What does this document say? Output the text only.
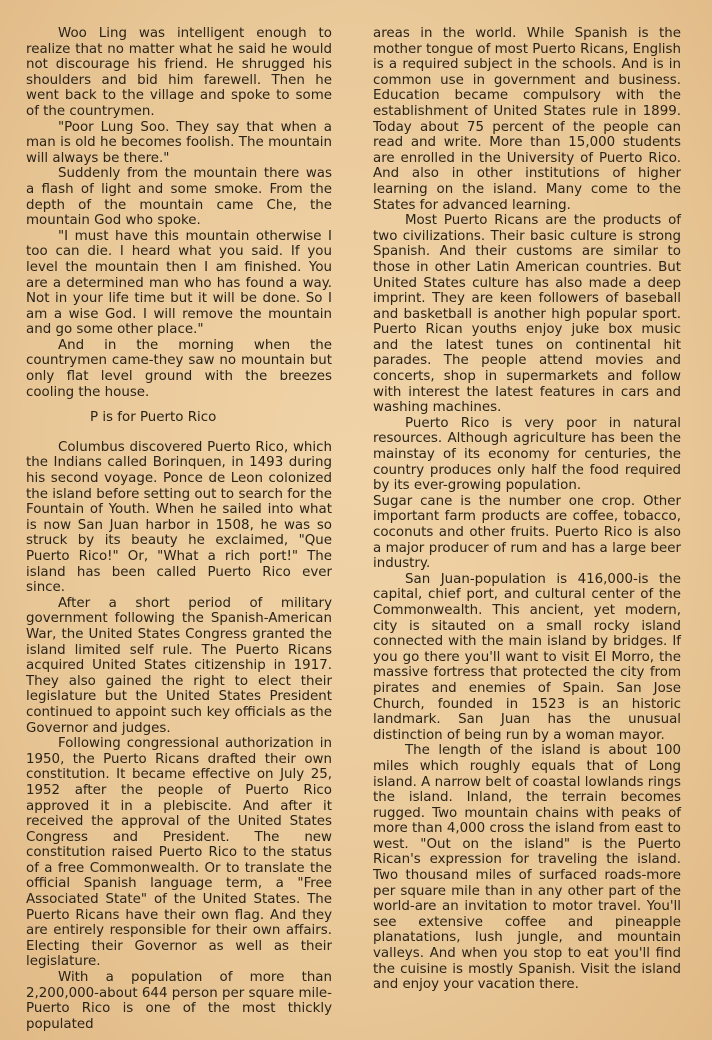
Woo Ling was intelligent enough to realize that no matter what he said he would not discourage his friend. He shrugged his shoulders and bid him farewell. Then he went back to the village and spoke to some of the countrymen.

"Poor Lung Soo. They say that when a man is old he becomes foolish. The mountain will always be there."

Suddenly from the mountain there was a flash of light and some smoke. From the depth of the mountain came Che, the mountain God who spoke.

"I must have this mountain otherwise I too can die. I heard what you said. If you level the mountain then I am finished. You are a determined man who has found a way. Not in your life time but it will be done. So I am a wise God. I will remove the mountain and go some other place."

And in the morning when the countrymen came-they saw no mountain but only flat level ground with the breezes cooling the house.

P is for Puerto Rico

Columbus discovered Puerto Rico, which the Indians called Borinquen, in 1493 during his second voyage. Ponce de Leon colonized the island before setting out to search for the Fountain of Youth. When he sailed into what is now San Juan harbor in 1508, he was so struck by its beauty he exclaimed, "Que Puerto Rico!" Or, "What a rich port!" The island has been called Puerto Rico ever since.

After a short period of military government following the Spanish-American War, the United States Congress granted the island limited self rule. The Puerto Ricans acquired United States citizenship in 1917. They also gained the right to elect their legislature but the United States President continued to appoint such key officials as the Governor and judges.

Following congressional authorization in 1950, the Puerto Ricans drafted their own constitution. It became effective on July 25, 1952 after the people of Puerto Rico approved it in a plebiscite. And after it received the approval of the United States Congress and President. The new constitution raised Puerto Rico to the status of a free Commonwealth. Or to translate the official Spanish language term, a "Free Associated State" of the United States. The Puerto Ricans have their own flag. And they are entirely responsible for their own affairs. Electing their Governor as well as their legislature.

With a population of more than 2,200,000-about 644 person per square mile-Puerto Rico is one of the most thickly populated

areas in the world. While Spanish is the mother tongue of most Puerto Ricans, English is a required subject in the schools. And is in common use in government and business. Education became compulsory with the establishment of United States rule in 1899. Today about 75 percent of the people can read and write. More than 15,000 students are enrolled in the University of Puerto Rico. And also in other institutions of higher learning on the island. Many come to the States for advanced learning.

Most Puerto Ricans are the products of two civilizations. Their basic culture is strong Spanish. And their customs are similar to those in other Latin American countries. But United States culture has also made a deep imprint. They are keen followers of baseball and basketball is another high popular sport. Puerto Rican youths enjoy juke box music and the latest tunes on continental hit parades. The people attend movies and concerts, shop in supermarkets and follow with interest the latest features in cars and washing machines.

Puerto Rico is very poor in natural resources. Although agriculture has been the mainstay of its economy for centuries, the country produces only half the food required by its ever-growing population.

Sugar cane is the number one crop. Other important farm products are coffee, tobacco, coconuts and other fruits. Puerto Rico is also a major producer of rum and has a large beer industry.

San Juan-population is 416,000-is the capital, chief port, and cultural center of the Commonwealth. This ancient, yet modern, city is sitauted on a small rocky island connected with the main island by bridges. If you go there you'll want to visit El Morro, the massive fortress that protected the city from pirates and enemies of Spain. San Jose Church, founded in 1523 is an historic landmark. San Juan has the unusual distinction of being run by a woman mayor.

The length of the island is about 100 miles which roughly equals that of Long island. A narrow belt of coastal lowlands rings the island. Inland, the terrain becomes rugged. Two mountain chains with peaks of more than 4,000 cross the island from east to west. "Out on the island" is the Puerto Rican's expression for traveling the island. Two thousand miles of surfaced roads-more per square mile than in any other part of the world-are an invitation to motor travel. You'll see extensive coffee and pineapple planatations, lush jungle, and mountain valleys. And when you stop to eat you'll find the cuisine is mostly Spanish. Visit the island and enjoy your vacation there.
